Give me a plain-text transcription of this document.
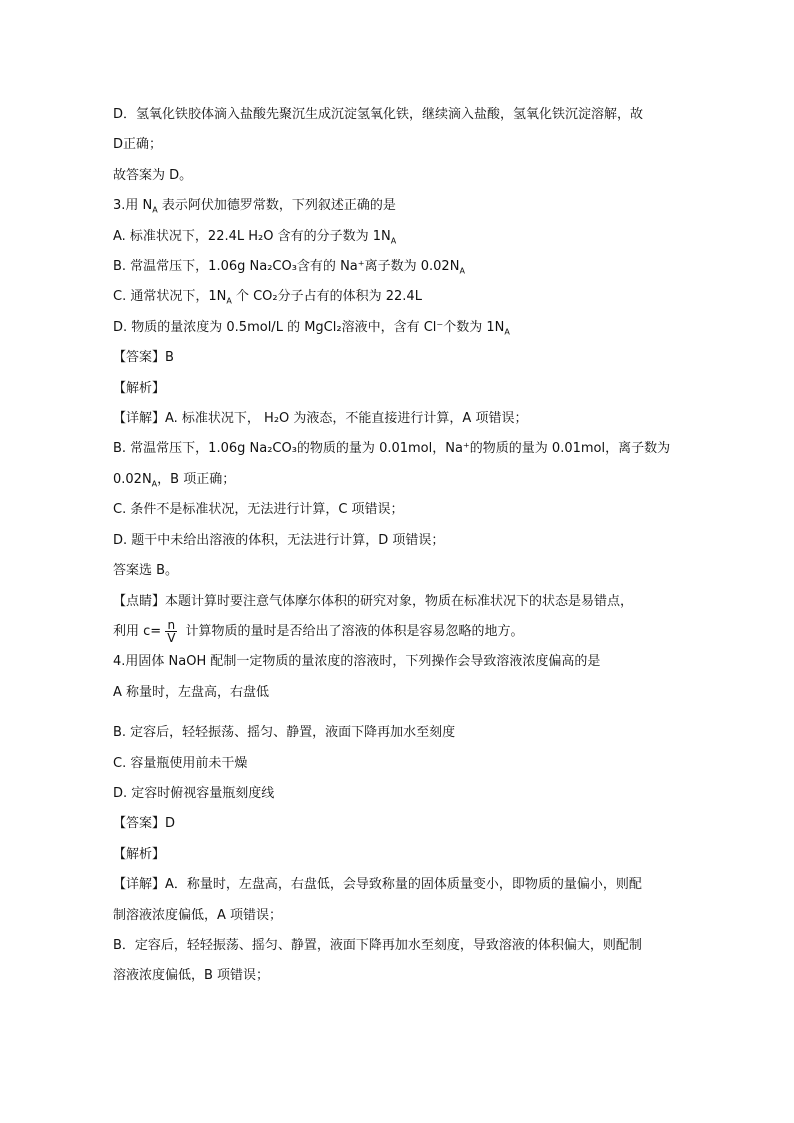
D．氢氧化铁胶体滴入盐酸先聚沉生成沉淀氢氧化铁，继续滴入盐酸，氢氧化铁沉淀溶解，故
D正确；
故答案为 D。
3.用 $N_A$ 表示阿伏加德罗常数，下列叙述正确的是
A. 标准状况下，22.4L H₂O 含有的分子数为 $1N_A$
B. 常温常压下，1.06g Na₂CO₃含有的 Na⁺离子数为 $0.02N_A$
C. 通常状况下，$1N_A$ 个 CO₂分子占有的体积为 22.4L
D. 物质的量浓度为 0.5mol/L 的 MgCl₂溶液中，含有 Cl⁻个数为 $1N_A$
【答案】B
【解析】
【详解】A. 标准状况下， H₂O 为液态，不能直接进行计算，A 项错误；
B. 常温常压下，1.06g Na₂CO₃的物质的量为 0.01mol，Na⁺的物质的量为 0.01mol，离子数为
$0.02N_A$，B 项正确；
C. 条件不是标准状况，无法进行计算，C 项错误；
D. 题干中未给出溶液的体积，无法进行计算，D 项错误；
答案选 B。
【点睛】本题计算时要注意气体摩尔体积的研究对象，物质在标准状况下的状态是易错点，
利用 $c= \frac{n}{V}$ 计算物质的量时是否给出了溶液的体积是容易忽略的地方。
4.用固体 NaOH 配制一定物质的量浓度的溶液时，下列操作会导致溶液浓度偏高的是
A 称量时，左盘高，右盘低
B. 定容后，轻轻振荡、摇匀、静置，液面下降再加水至刻度
C. 容量瓶使用前未干燥
D. 定容时俯视容量瓶刻度线
【答案】D
【解析】
【详解】A．称量时，左盘高，右盘低，会导致称量的固体质量变小，即物质的量偏小，则配
制溶液浓度偏低，A 项错误；
B．定容后，轻轻振荡、摇匀、静置，液面下降再加水至刻度，导致溶液的体积偏大，则配制
溶液浓度偏低，B 项错误；
